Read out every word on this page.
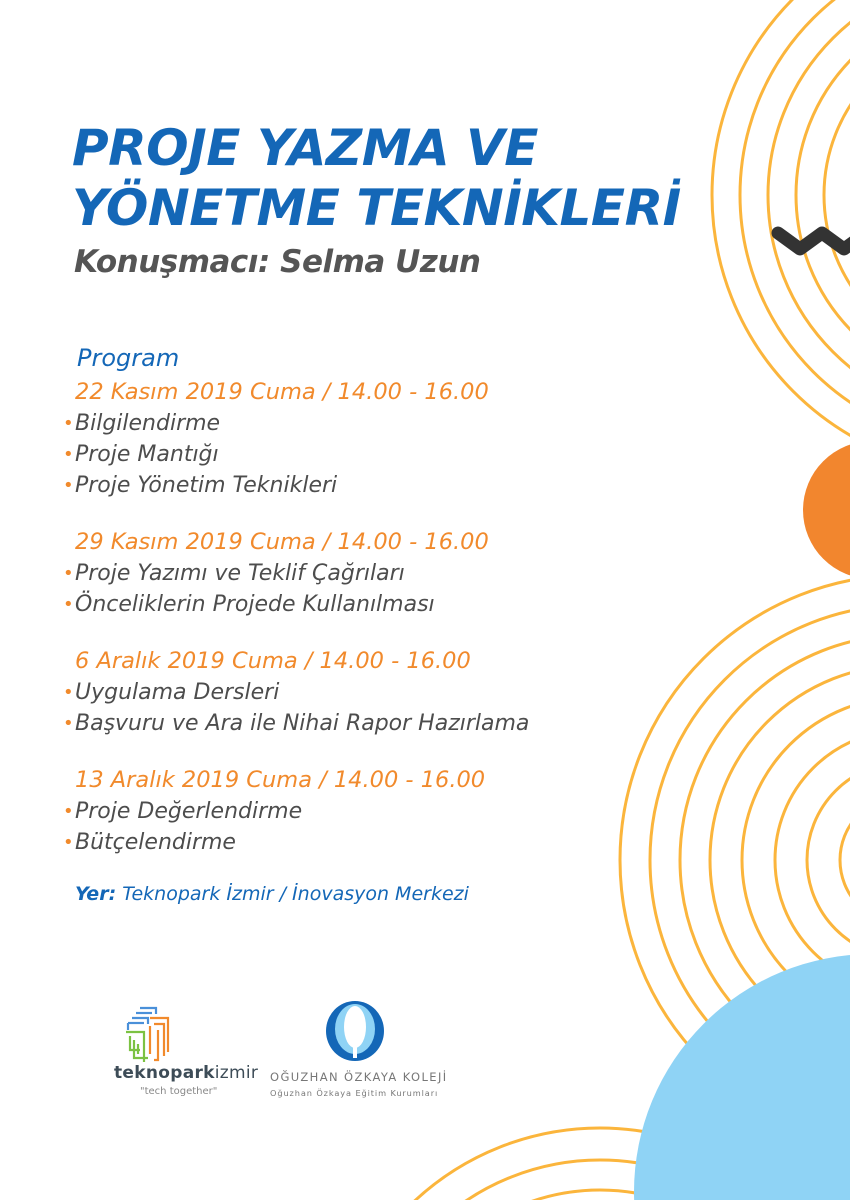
PROJE YAZMA VE
YÖNETME TEKNİKLERİ
Konuşmacı: Selma Uzun
Program
22 Kasım 2019 Cuma / 14.00 - 16.00
• Bilgilendirme
• Proje Mantığı
• Proje Yönetim Teknikleri
29 Kasım 2019 Cuma / 14.00 - 16.00
• Proje Yazımı ve Teklif Çağrıları
• Önceliklerin Projede Kullanılması
6 Aralık 2019 Cuma / 14.00 - 16.00
• Uygulama Dersleri
• Başvuru ve Ara ile Nihai Rapor Hazırlama
13 Aralık 2019 Cuma / 14.00 - 16.00
• Proje Değerlendirme
• Bütçelendirme
Yer: Teknopark İzmir / İnovasyon Merkezi
teknoparkizmir
"tech together"
OĞUZHAN ÖZKAYA KOLEJİ
Oğuzhan Özkaya Eğitim Kurumları
